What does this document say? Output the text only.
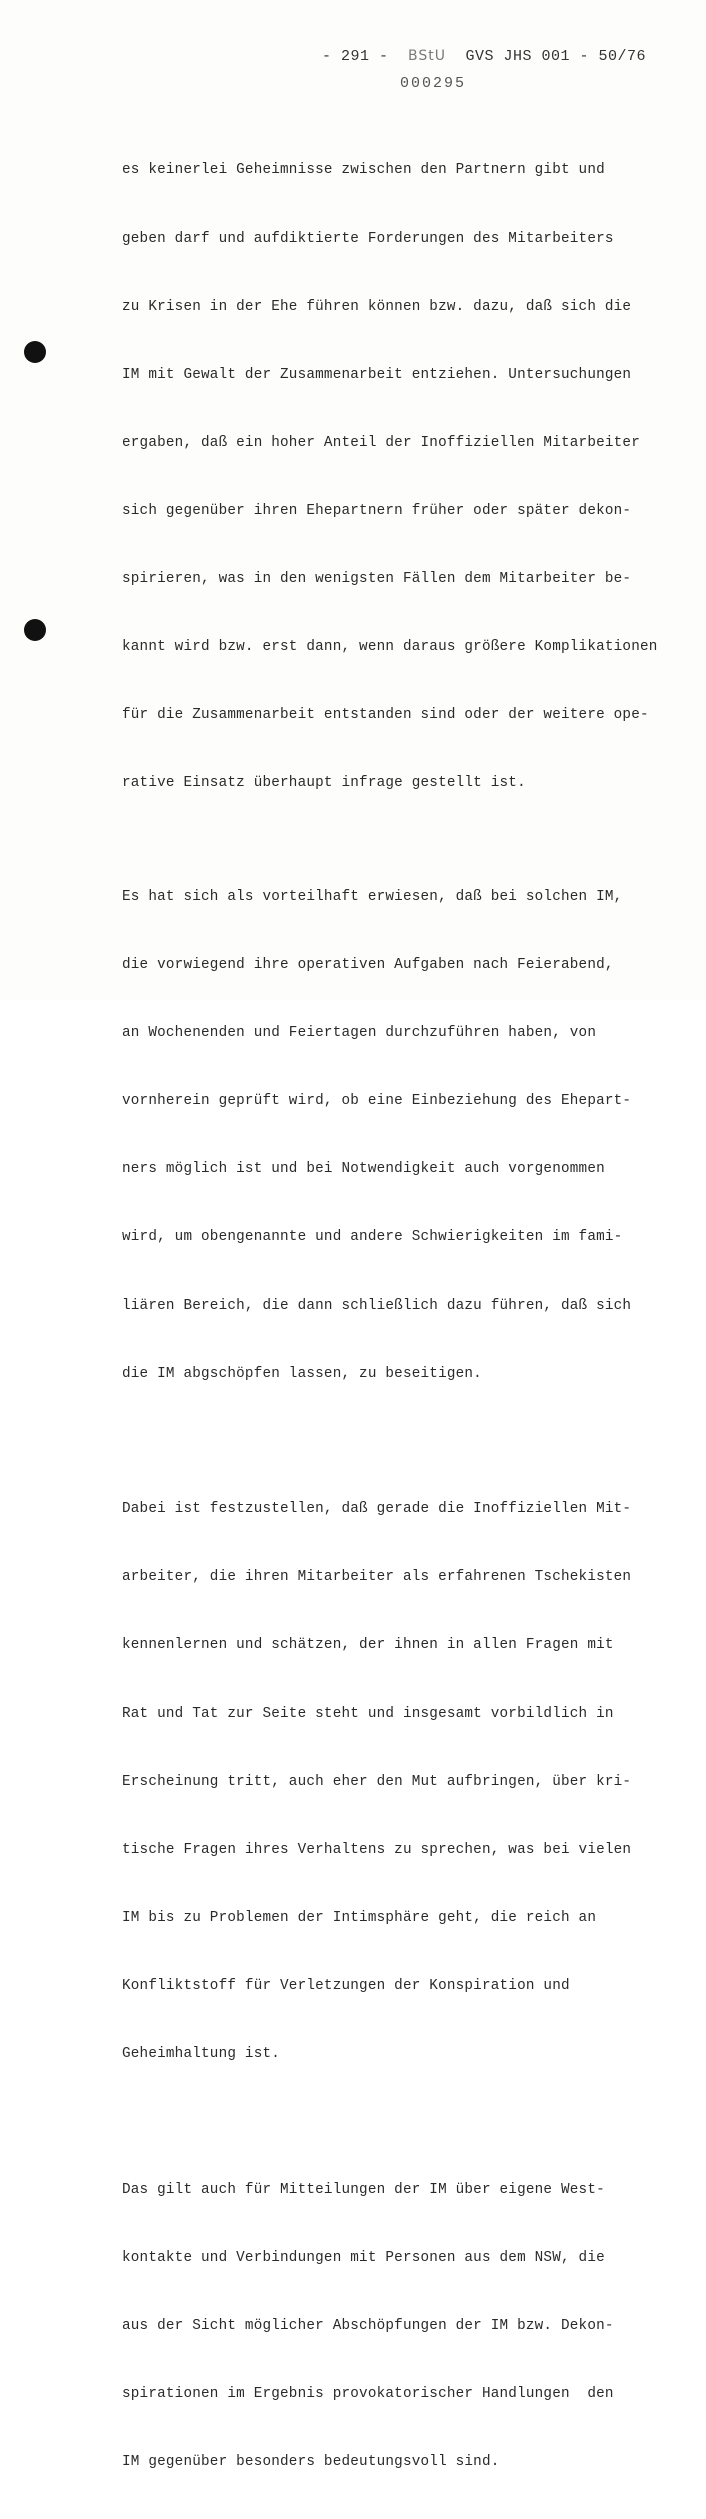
- 291 - BStU GVS JHS 001 - 50/76
000295

es keinerlei Geheimnisse zwischen den Partnern gibt und

geben darf und aufdiktierte Forderungen des Mitarbeiters

zu Krisen in der Ehe führen können bzw. dazu, daß sich die

IM mit Gewalt der Zusammenarbeit entziehen. Untersuchungen

ergaben, daß ein hoher Anteil der Inoffiziellen Mitarbeiter

sich gegenüber ihren Ehepartnern früher oder später dekon-

spirieren, was in den wenigsten Fällen dem Mitarbeiter be-

kannt wird bzw. erst dann, wenn daraus größere Komplikationen

für die Zusammenarbeit entstanden sind oder der weitere ope-

rative Einsatz überhaupt infrage gestellt ist.

Es hat sich als vorteilhaft erwiesen, daß bei solchen IM,

die vorwiegend ihre operativen Aufgaben nach Feierabend,

an Wochenenden und Feiertagen durchzuführen haben, von

vornherein geprüft wird, ob eine Einbeziehung des Ehepart-

ners möglich ist und bei Notwendigkeit auch vorgenommen

wird, um obengenannte und andere Schwierigkeiten im fami-

liären Bereich, die dann schließlich dazu führen, daß sich

die IM abgschöpfen lassen, zu beseitigen.

Dabei ist festzustellen, daß gerade die Inoffiziellen Mit-

arbeiter, die ihren Mitarbeiter als erfahrenen Tschekisten

kennenlernen und schätzen, der ihnen in allen Fragen mit

Rat und Tat zur Seite steht und insgesamt vorbildlich in

Erscheinung tritt, auch eher den Mut aufbringen, über kri-

tische Fragen ihres Verhaltens zu sprechen, was bei vielen

IM bis zu Problemen der Intimsphäre geht, die reich an

Konfliktstoff für Verletzungen der Konspiration und

Geheimhaltung ist.

Das gilt auch für Mitteilungen der IM über eigene West-

kontakte und Verbindungen mit Personen aus dem NSW, die

aus der Sicht möglicher Abschöpfungen der IM bzw. Dekon-

spirationen im Ergebnis provokatorischer Handlungen  den

IM gegenüber besonders bedeutungsvoll sind.
